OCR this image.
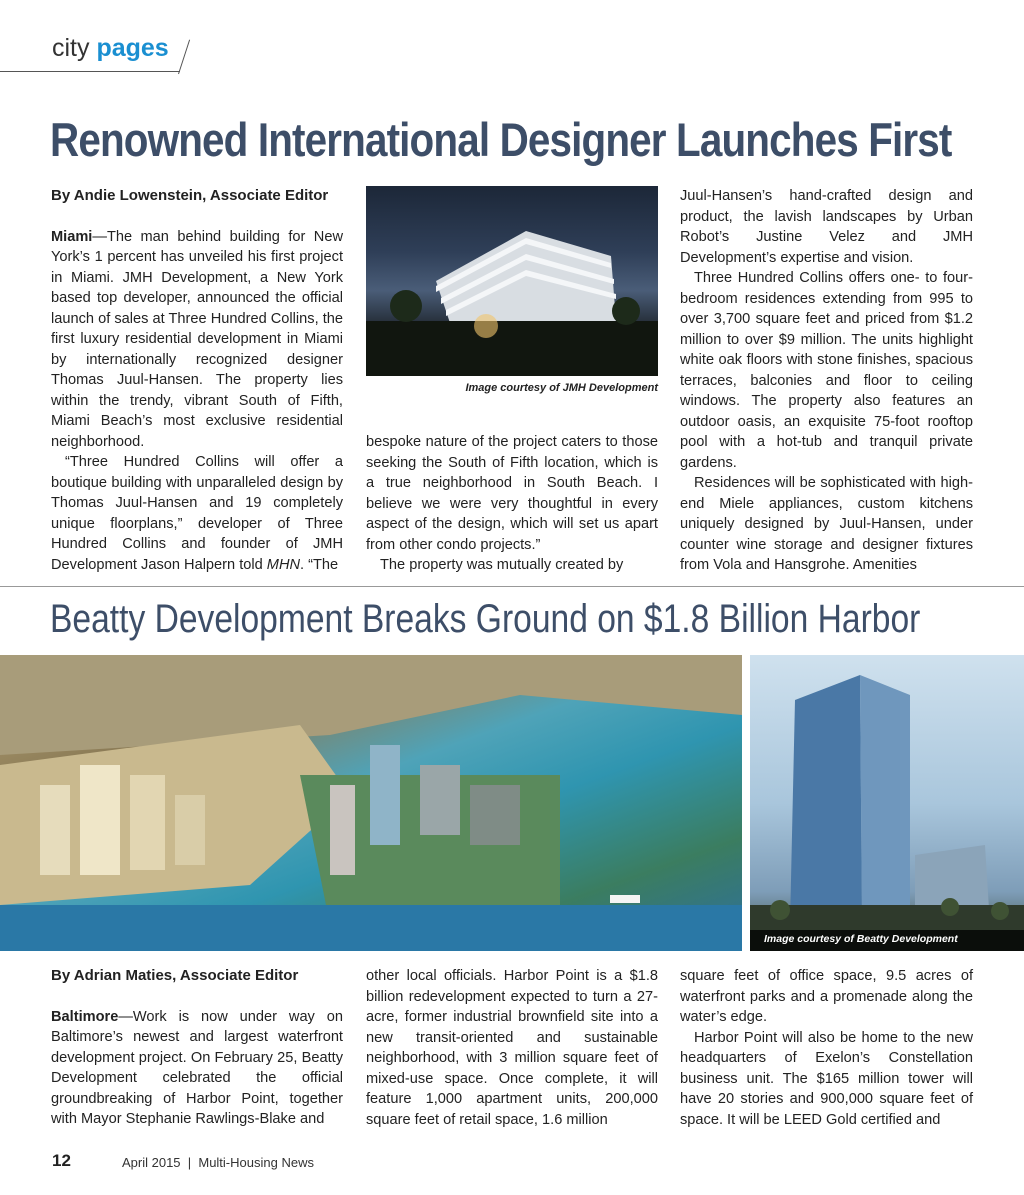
city pages
Renowned International Designer Launches First

By Andie Lowenstein, Associate Editor

Miami—The man behind building for New York’s 1 percent has unveiled his first project in Miami. JMH Development, a New York based top developer, announced the official launch of sales at Three Hundred Collins, the first luxury residential development in Miami by internationally recognized designer Thomas Juul-Hansen. The property lies within the trendy, vibrant South of Fifth, Miami Beach’s most exclusive residential neighborhood.

“Three Hundred Collins will offer a boutique building with unparalleled design by Thomas Juul-Hansen and 19 completely unique floorplans,” developer of Three Hundred Collins and founder of JMH Development Jason Halpern told MHN. “The

Image courtesy of JMH Development

bespoke nature of the project caters to those seeking the South of Fifth location, which is a true neighborhood in South Beach. I believe we were very thoughtful in every aspect of the design, which will set us apart from other condo projects.”

The property was mutually created by

Juul-Hansen’s hand-crafted design and product, the lavish landscapes by Urban Robot’s Justine Velez and JMH Development’s expertise and vision.

Three Hundred Collins offers one- to four-bedroom residences extending from 995 to over 3,700 square feet and priced from $1.2 million to over $9 million. The units highlight white oak floors with stone finishes, spacious terraces, balconies and floor to ceiling windows. The property also features an outdoor oasis, an exquisite 75-foot rooftop pool with a hot-tub and tranquil private gardens.

Residences will be sophisticated with high-end Miele appliances, custom kitchens uniquely designed by Juul-Hansen, under counter wine storage and designer fixtures from Vola and Hansgrohe. Amenities

Beatty Development Breaks Ground on $1.8 Billion Harbor
Image courtesy of Beatty Development

By Adrian Maties, Associate Editor

Baltimore—Work is now under way on Baltimore’s newest and largest waterfront development project. On February 25, Beatty Development celebrated the official groundbreaking of Harbor Point, together with Mayor Stephanie Rawlings-Blake and

other local officials. Harbor Point is a $1.8 billion redevelopment expected to turn a 27-acre, former industrial brownfield site into a new transit-oriented and sustainable neighborhood, with 3 million square feet of mixed-use space. Once complete, it will feature 1,000 apartment units, 200,000 square feet of retail space, 1.6 million

square feet of office space, 9.5 acres of waterfront parks and a promenade along the water’s edge.

Harbor Point will also be home to the new headquarters of Exelon’s Constellation business unit. The $165 million tower will have 20 stories and 900,000 square feet of space. It will be LEED Gold certified and

12	April 2015  |  Multi-Housing News
